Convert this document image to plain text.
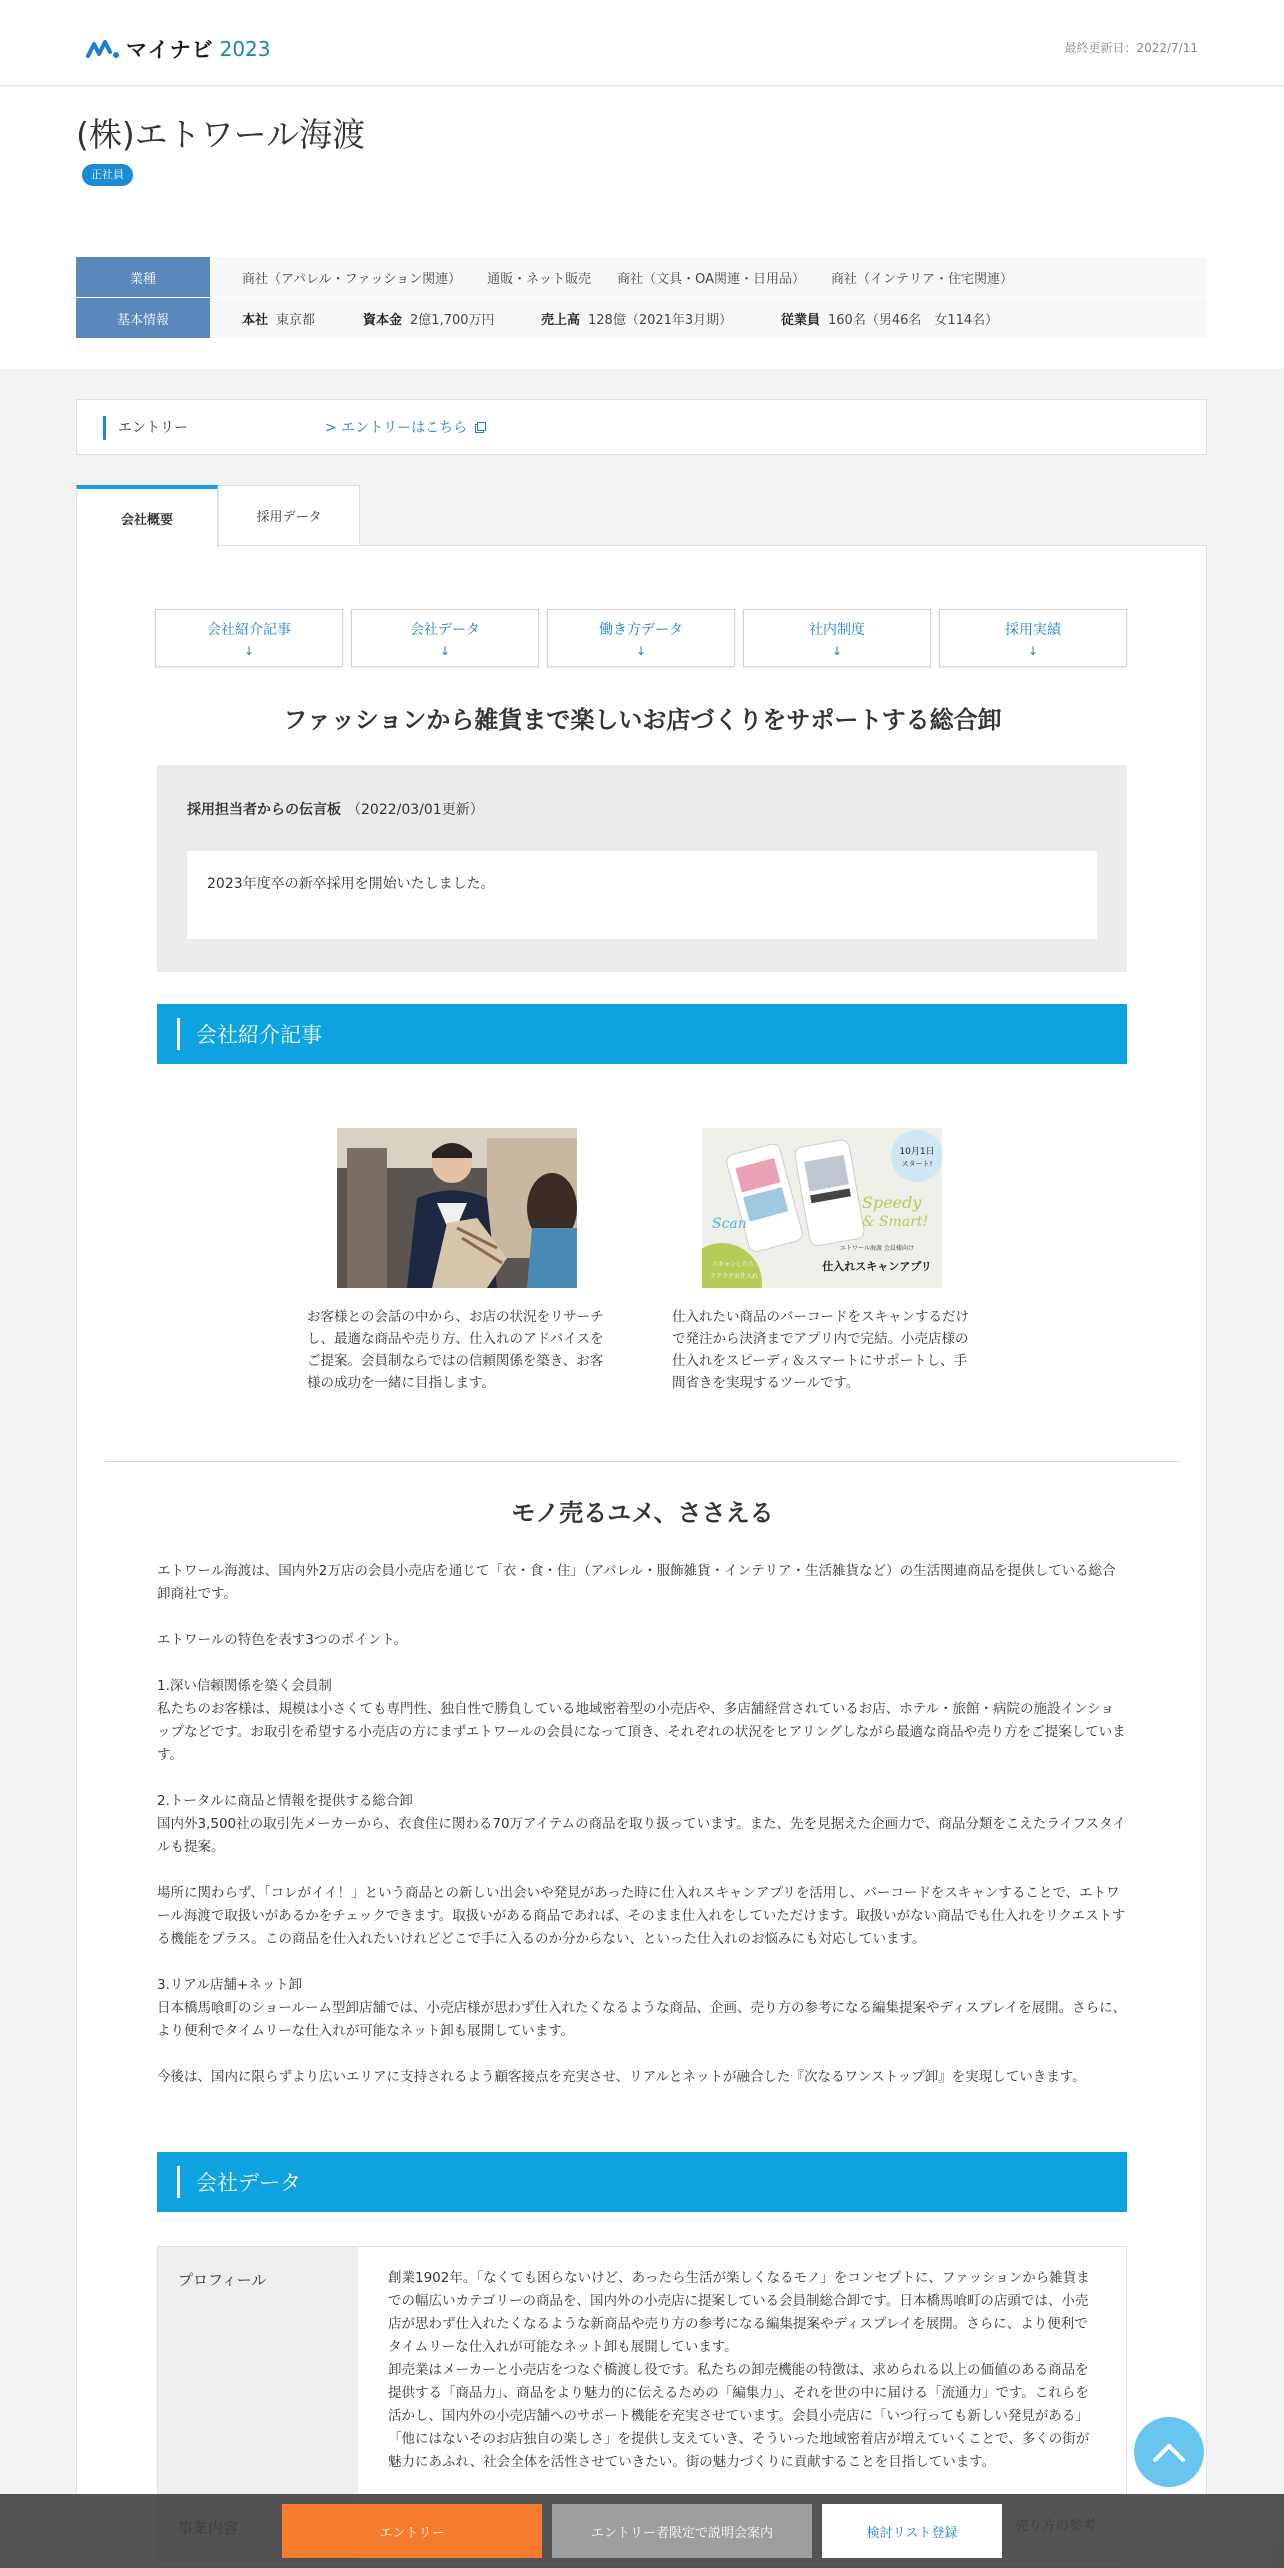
マイナビ 2023	最終更新日：2022/7/11
(株)エトワール海渡
正社員
業種	商社（アパレル・ファッション関連） 通販・ネット販売 商社（文具・OA関連・日用品） 商社（インテリア・住宅関連）
基本情報	本社 東京都	資本金 2億1,700万円	売上高 128億（2021年3月期）	従業員 160名（男46名　女114名）
エントリー	> エントリーはこちら
会社概要	採用データ
会社紹介記事
↓
会社データ
↓
働き方データ
↓
社内制度
↓
採用実績
↓
ファッションから雑貨まで楽しいお店づくりをサポートする総合卸
採用担当者からの伝言板 （2022/03/01更新）
2023年度卒の新卒採用を開始いたしました。
会社紹介記事

お客様との会話の中から、お店の状況をリサーチし、最適な商品や売り方、仕入れのアドバイスをご提案。会員制ならではの信頼関係を築き、お客様の成功を一緒に目指します。

10月1日
スタート!
Scan
Speedy
& Smart!
エトワール海渡 会員様向け
仕入れスキャンアプリ
スキャンしたら
ラクラクお仕入れ

仕入れたい商品のバーコードをスキャンするだけで発注から決済までアプリ内で完結。小売店様の仕入れをスピーディ＆スマートにサポートし、手間省きを実現するツールです。

モノ売るユメ、ささえる
エトワール海渡は、国内外2万店の会員小売店を通じて「衣・食・住」（アパレル・服飾雑貨・インテリア・生活雑貨など）の生活関連商品を提供している総合卸商社です。

エトワールの特色を表す3つのポイント。

1.深い信頼関係を築く会員制
私たちのお客様は、規模は小さくても専門性、独自性で勝負している地域密着型の小売店や、多店舗経営されているお店、ホテル・旅館・病院の施設インショップなどです。お取引を希望する小売店の方にまずエトワールの会員になって頂き、それぞれの状況をヒアリングしながら最適な商品や売り方をご提案しています。

2.トータルに商品と情報を提供する総合卸
国内外3,500社の取引先メーカーから、衣食住に関わる70万アイテムの商品を取り扱っています。また、先を見据えた企画力で、商品分類をこえたライフスタイルも提案。

場所に関わらず、「コレがイイ！」という商品との新しい出会いや発見があった時に仕入れスキャンアプリを活用し、バーコードをスキャンすることで、エトワール海渡で取扱いがあるかをチェックできます。取扱いがある商品であれば、そのまま仕入れをしていただけます。取扱いがない商品でも仕入れをリクエストする機能をプラス。この商品を仕入れたいけれどどこで手に入るのか分からない、といった仕入れのお悩みにも対応しています。

3.リアル店舗+ネット卸
日本橋馬喰町のショールーム型卸店舗では、小売店様が思わず仕入れたくなるような商品、企画、売り方の参考になる編集提案やディスプレイを展開。さらに、より便利でタイムリーな仕入れが可能なネット卸も展開しています。

今後は、国内に限らずより広いエリアに支持されるよう顧客接点を充実させ、リアルとネットが融合した『次なるワンストップ卸』を実現していきます。
会社データ
プロフィール	創業1902年。「なくても困らないけど、あったら生活が楽しくなるモノ」をコンセプトに、ファッションから雑貨までの幅広いカテゴリーの商品を、国内外の小売店に提案している会員制総合卸です。日本橋馬喰町の店頭では、小売店が思わず仕入れたくなるような新商品や売り方の参考になる編集提案やディスプレイを展開。さらに、より便利でタイムリーな仕入れが可能なネット卸も展開しています。
卸売業はメーカーと小売店をつなぐ橋渡し役です。私たちの卸売機能の特徴は、求められる以上の価値のある商品を提供する「商品力」、商品をより魅力的に伝えるための「編集力」、それを世の中に届ける「流通力」です。これらを活かし、国内外の小売店舗へのサポート機能を充実させています。会員小売店に「いつ行っても新しい発見がある」「他にはないそのお店独自の楽しさ」を提供し支えていき、そういった地域密着店が増えていくことで、多くの街が魅力にあふれ、社会全体を活性させていきたい。街の魅力づくりに貢献することを目指しています。
エントリー	エントリー者限定で説明会案内	検討リスト登録
